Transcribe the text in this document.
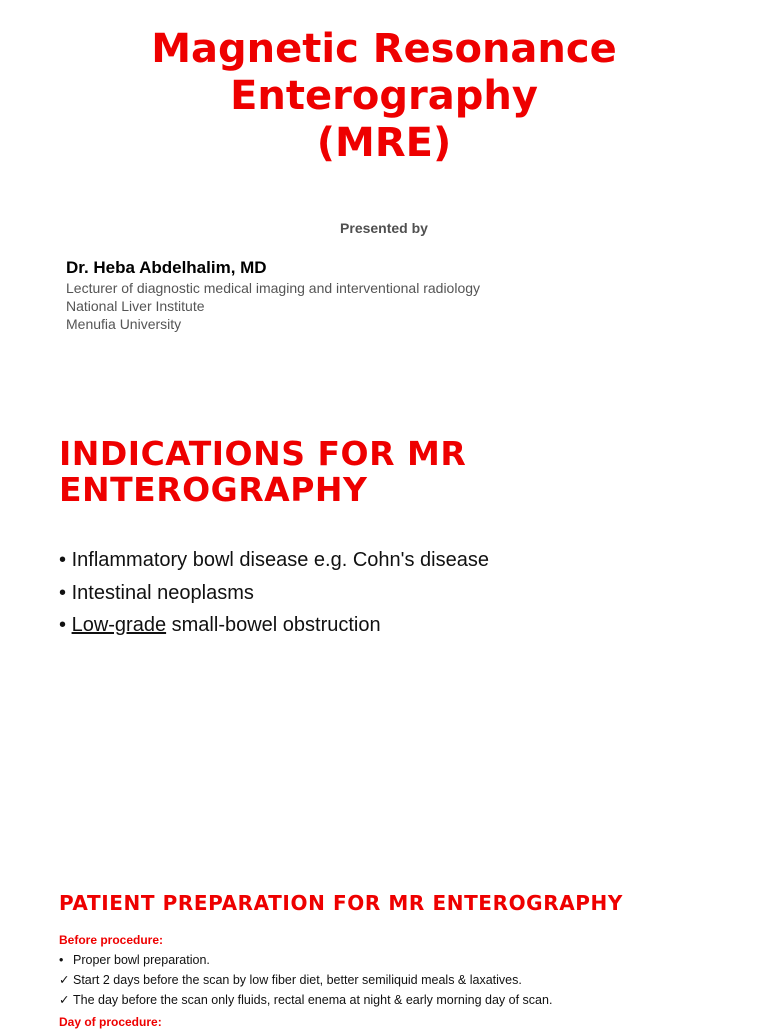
Magnetic Resonance
Enterography
(MRE)
Presented by
Dr. Heba Abdelhalim, MD
Lecturer of diagnostic medical imaging and interventional radiology
National Liver Institute
Menufia University
INDICATIONS FOR MR
ENTEROGRAPHY
• Inflammatory bowl disease e.g. Cohn's disease
• Intestinal neoplasms
• Low-grade small-bowel obstruction
PATIENT PREPARATION FOR MR ENTEROGRAPHY
Before procedure:
• Proper bowl preparation.
✓ Start 2 days before the scan by low fiber diet, better semiliquid meals & laxatives.
✓ The day before the scan only fluids, rectal enema at night & early morning day of scan.
Day of procedure:
